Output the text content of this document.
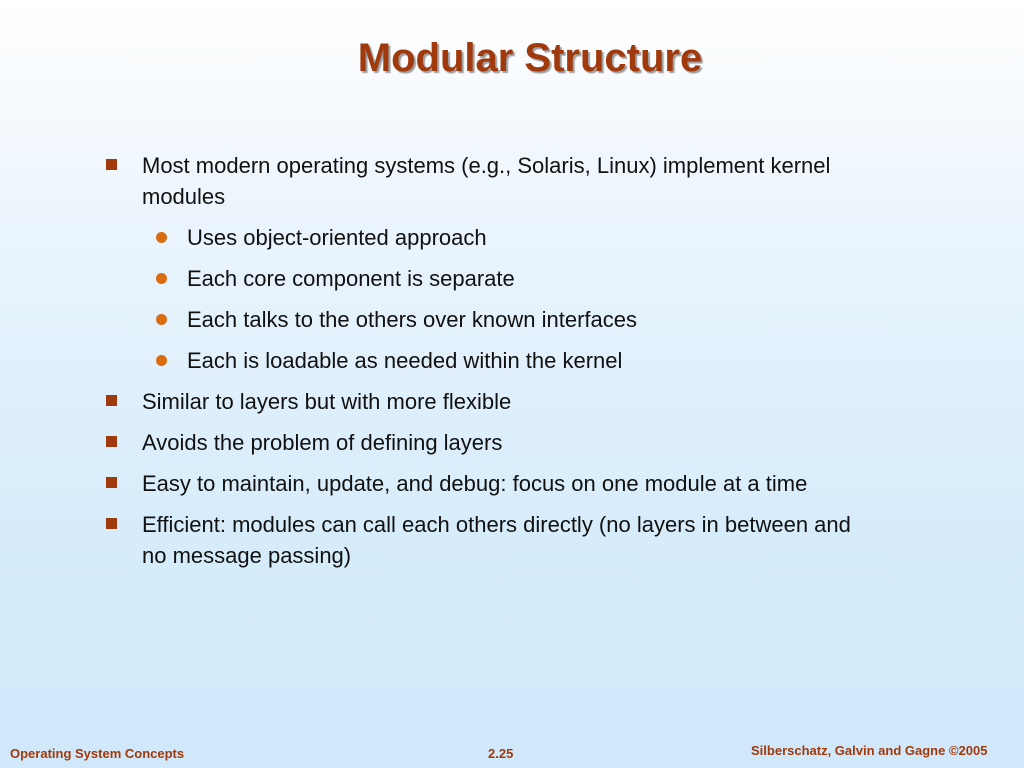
Modular Structure
Most modern operating systems (e.g., Solaris, Linux) implement kernel modules
Uses object-oriented approach
Each core component is separate
Each talks to the others over known interfaces
Each is loadable as needed within the kernel
Similar to layers but with more flexible
Avoids the problem of defining layers
Easy to maintain, update, and debug: focus on one module at a time
Efficient: modules can call each others directly (no layers in between and no message passing)
Operating System Concepts	2.25	Silberschatz, Galvin and Gagne ©2005
